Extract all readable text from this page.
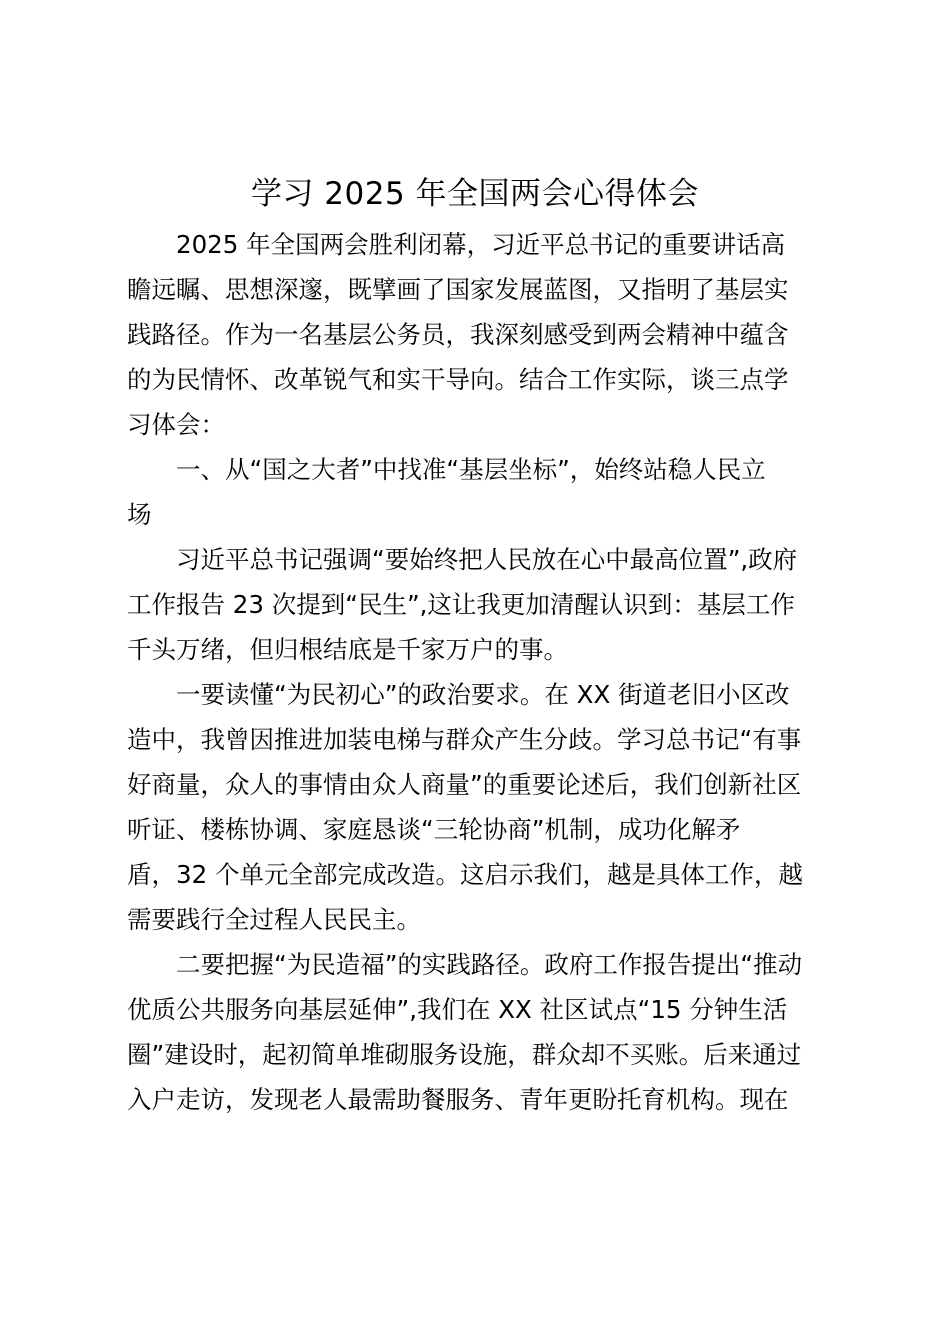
学习 2025 年全国两会心得体会
　　2025 年全国两会胜利闭幕，习近平总书记的重要讲话高
瞻远瞩、思想深邃，既擘画了国家发展蓝图，又指明了基层实
践路径。作为一名基层公务员，我深刻感受到两会精神中蕴含
的为民情怀、改革锐气和实干导向。结合工作实际，谈三点学
习体会：
　　一、从“国之大者”中找准“基层坐标”，始终站稳人民立
场
　　习近平总书记强调“要始终把人民放在心中最高位置”,政府
工作报告 23 次提到“民生”,这让我更加清醒认识到：基层工作
千头万绪，但归根结底是千家万户的事。
　　一要读懂“为民初心”的政治要求。在 XX 街道老旧小区改
造中，我曾因推进加装电梯与群众产生分歧。学习总书记“有事
好商量，众人的事情由众人商量”的重要论述后，我们创新社区
听证、楼栋协调、家庭恳谈“三轮协商”机制，成功化解矛
盾，32 个单元全部完成改造。这启示我们，越是具体工作，越
需要践行全过程人民民主。
　　二要把握“为民造福”的实践路径。政府工作报告提出“推动
优质公共服务向基层延伸”,我们在 XX 社区试点“15 分钟生活
圈”建设时，起初简单堆砌服务设施，群众却不买账。后来通过
入户走访，发现老人最需助餐服务、青年更盼托育机构。现在
